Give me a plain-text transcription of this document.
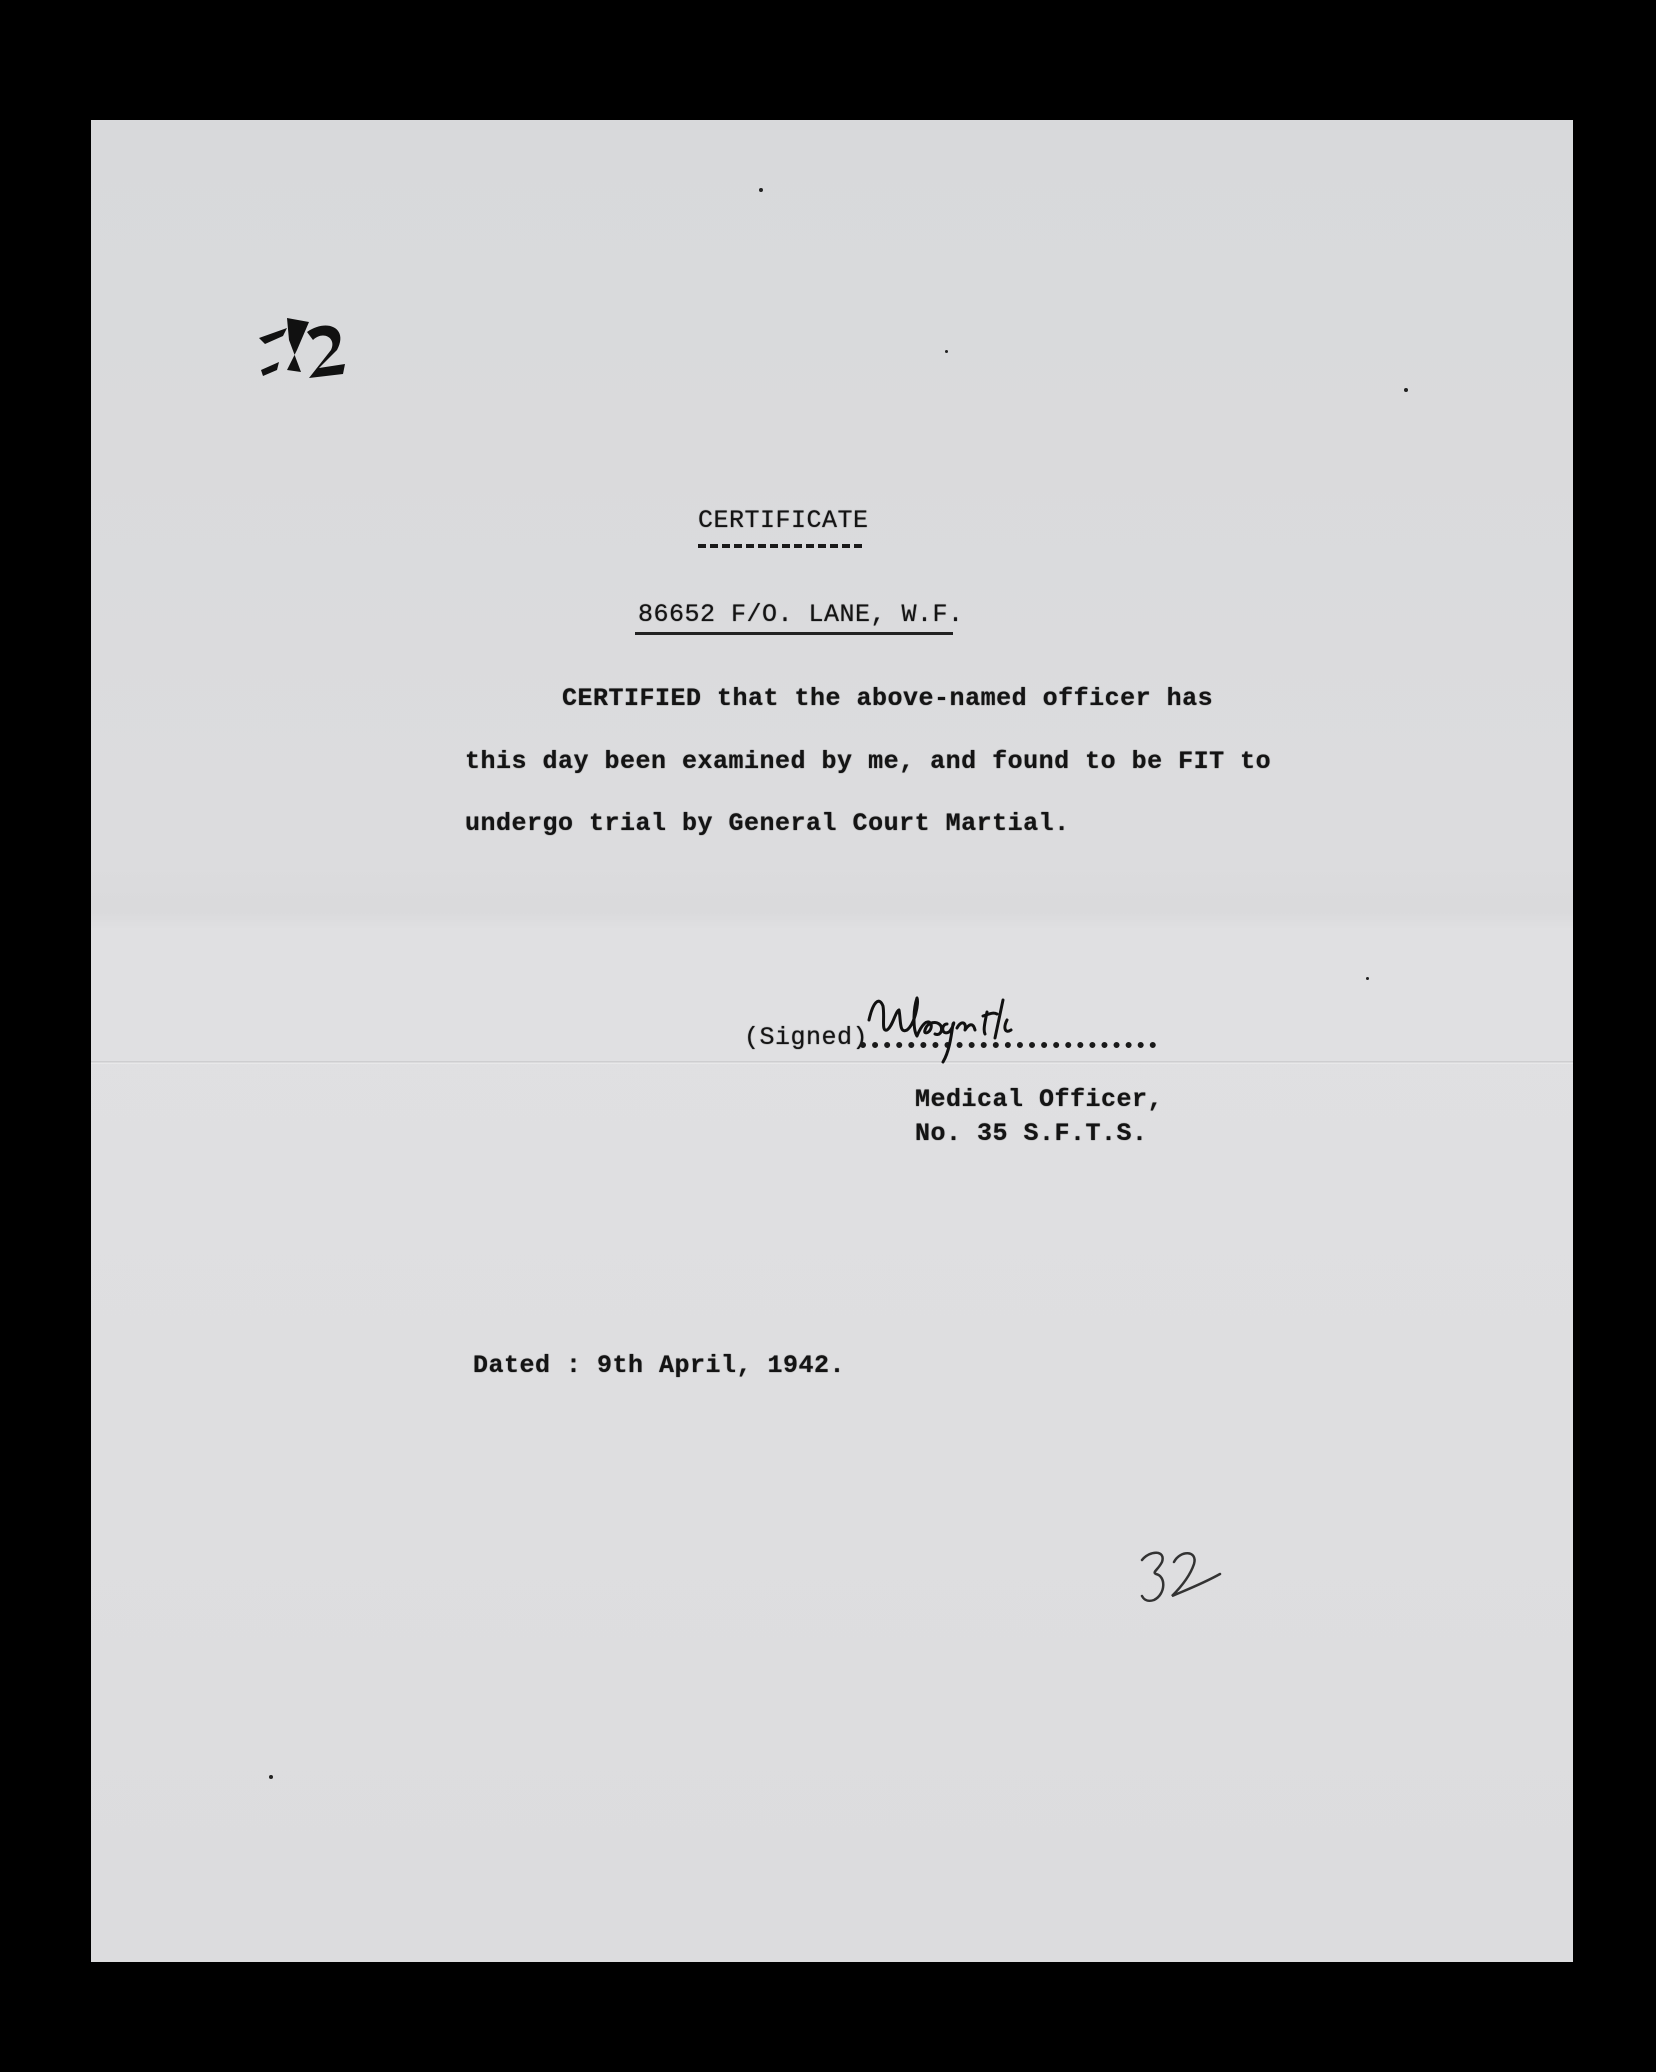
CERTIFICATE
86652 F/O. LANE, W.F.
CERTIFIED that the above-named officer has
this day been examined by me, and found to be FIT to
undergo trial by General Court Martial.
(Signed)
Medical Officer,
No. 35 S.F.T.S.
Dated : 9th April, 1942.
